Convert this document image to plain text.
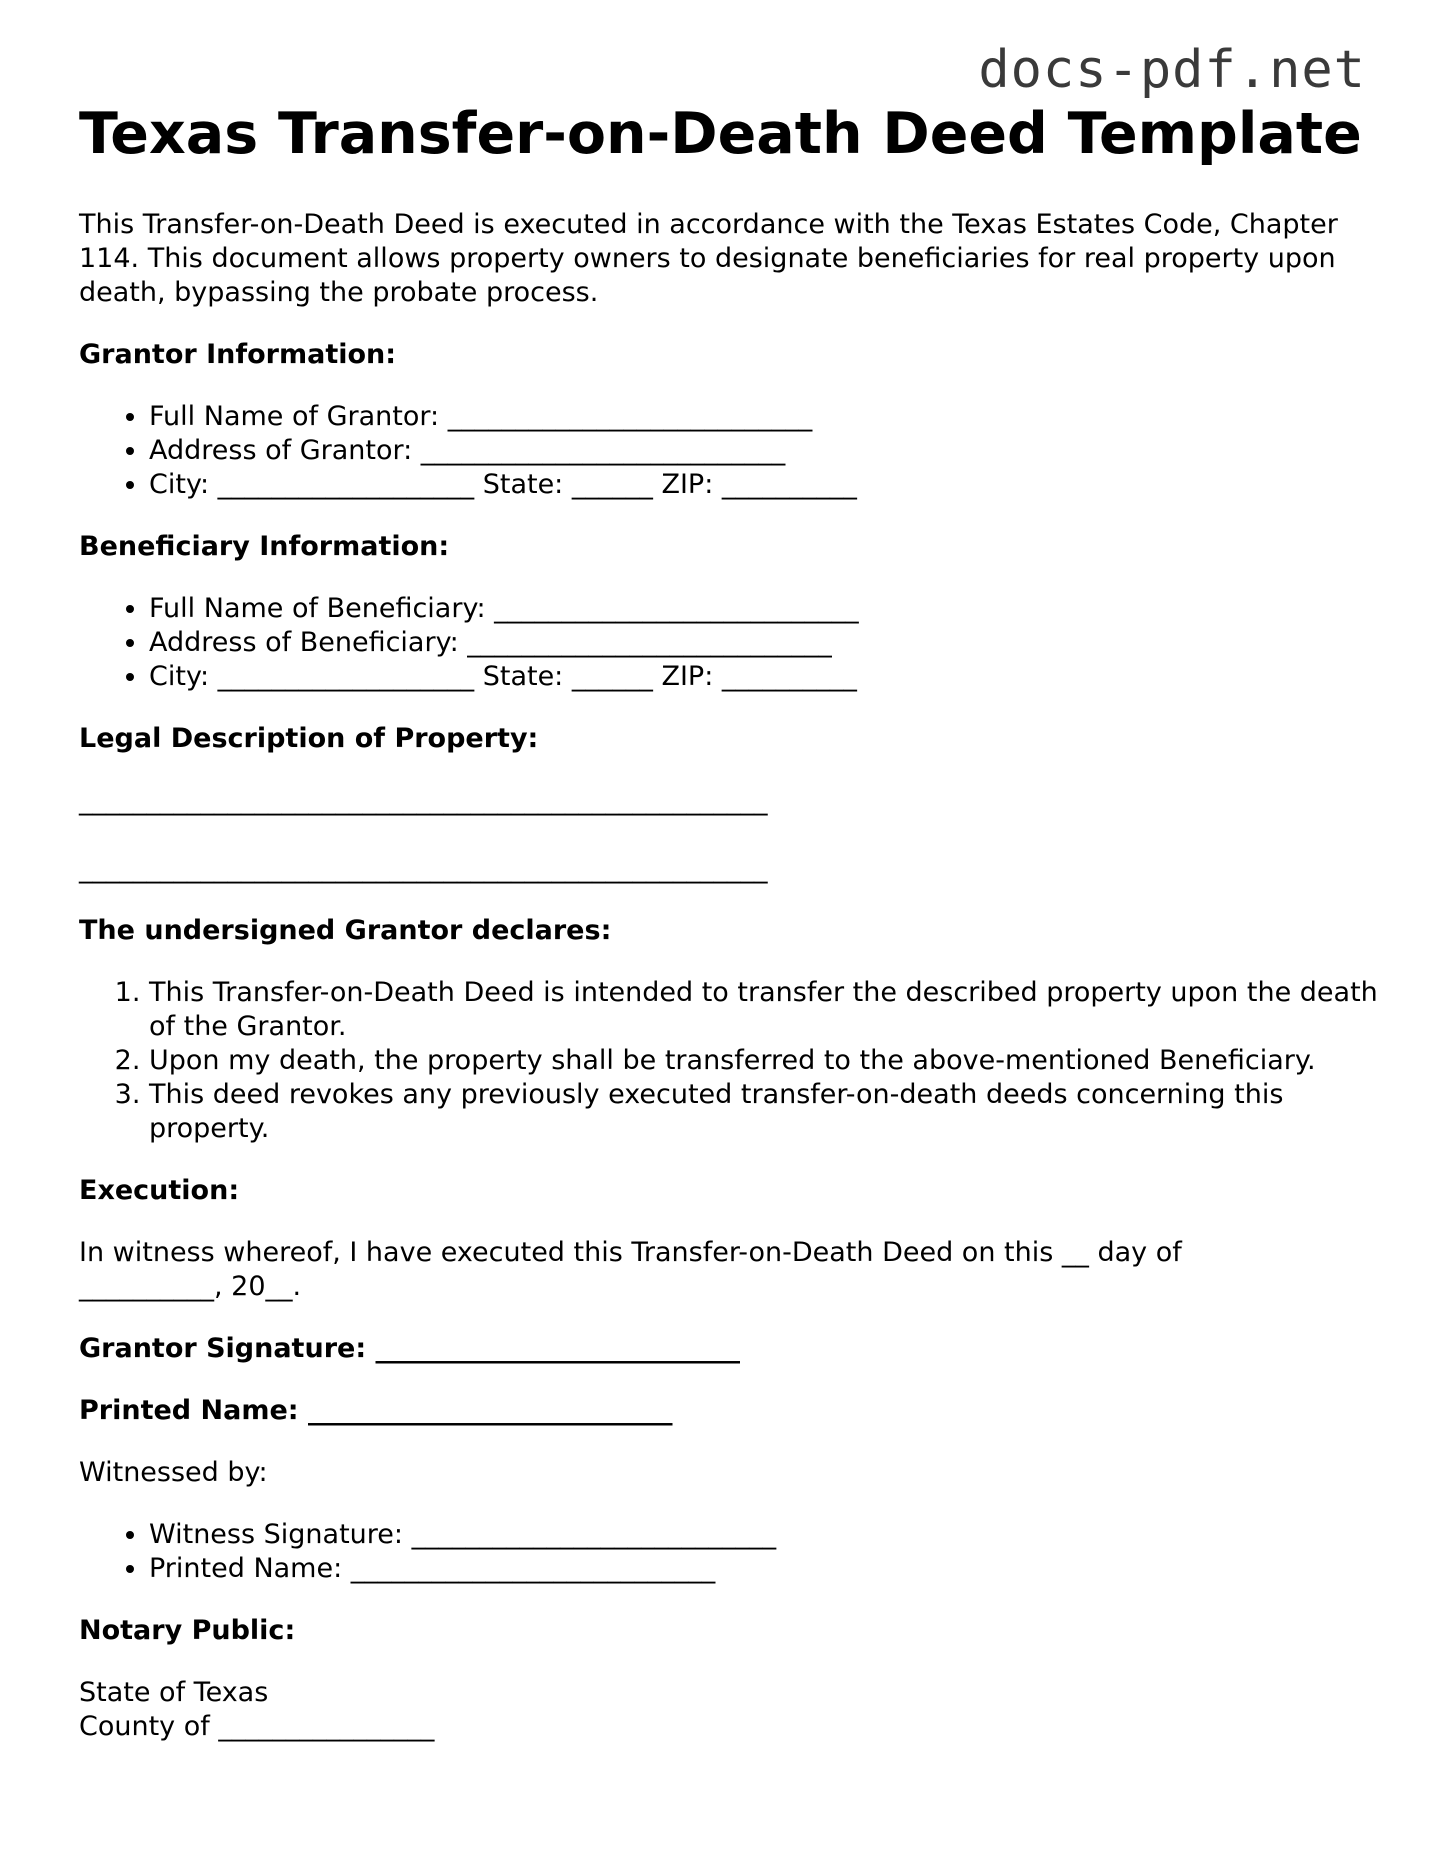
docs-pdf.net
Texas Transfer-on-Death Deed Template

This Transfer-on-Death Deed is executed in accordance with the Texas Estates Code, Chapter 114. This document allows property owners to designate beneficiaries for real property upon death, bypassing the probate process.

Grantor Information:

• Full Name of Grantor: ___________________________
• Address of Grantor: ___________________________
• City: ___________________ State: ______ ZIP: __________

Beneficiary Information:

• Full Name of Beneficiary: ___________________________
• Address of Beneficiary: ___________________________
• City: ___________________ State: ______ ZIP: __________

Legal Description of Property:

___________________________________________________

___________________________________________________

The undersigned Grantor declares:

1. This Transfer-on-Death Deed is intended to transfer the described property upon the death of the Grantor.
2. Upon my death, the property shall be transferred to the above-mentioned Beneficiary.
3. This deed revokes any previously executed transfer-on-death deeds concerning this property.

Execution:

In witness whereof, I have executed this Transfer-on-Death Deed on this __ day of __________, 20__.

Grantor Signature: ___________________________

Printed Name: ___________________________

Witnessed by:

• Witness Signature: ___________________________
• Printed Name: ___________________________

Notary Public:

State of Texas

County of ________________
